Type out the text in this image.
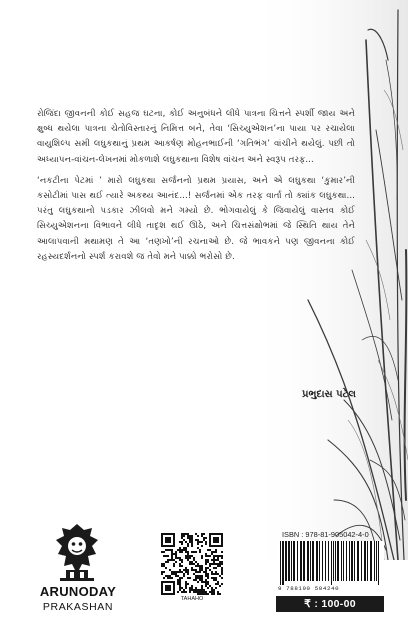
રોજિંદા જીવનની કોઈ સહજ ઘટના, કોઈ અનુબંધને લીધે પાત્રના ચિત્તને સ્પર્શી જાય અને ક્ષુબ્ધ થયેલા પાત્રના ચેતોવિસ્તારનું નિમિત્ત બને, તેવા ‘સિચ્યુએશન’ના પાયા પર રચાયેલા વાયુશિલ્પ સમી લઘુકથાનું પ્રથમ આકર્ષણ મોહનભાઈની ‘ગતિભંગ’ વાંચીને થયેલું. પછી તો અધ્યાપન-વાંચન-લેખનમાં મોકળાશે લઘુકથાના વિશેષ વાંચન અને સ્વરૂપ તરફ...

‘નકટીના પેટમાં ’ મારો લઘુકથા સર્જનનો પ્રથમ પ્રયાસ, અને એ લઘુકથા ‘કુમાર’ની કસોટીમાં પાસ થઈ ત્યારે અકથ્ય આનંદ...! સર્જનમાં એક તરફ વાર્તા તો ક્યાંક લઘુકથા... પરંતુ લઘુકથાનો પડકાર ઝીલવો મને ગમ્યો છે. ભોગવાયેલું કે જિવાયેલું વાસ્તવ કોઈ સિચ્યુએશનના વિભાવને લીધે તાદૃશ થઈ ઊઠે, અને ચિત્તસંક્ષોભમાં જે સ્થિતિ થાય તેને આલાપવાની મથામણ તે આ ‘તણખો’ની રચનાઓ છે. જે ભાવકને પણ જીવનના કોઈ રહસ્યદર્શનનો સ્પર્શ કરાવશે જ તેવો મને પાક્કો ભરોસો છે.

પ્રભુદાસ પટેલ
ARUNODAY
PRAKASHAN
TAHAHO
ISBN : 978-81-905042-4-0
9 788190 504240
₹ : 100-00
